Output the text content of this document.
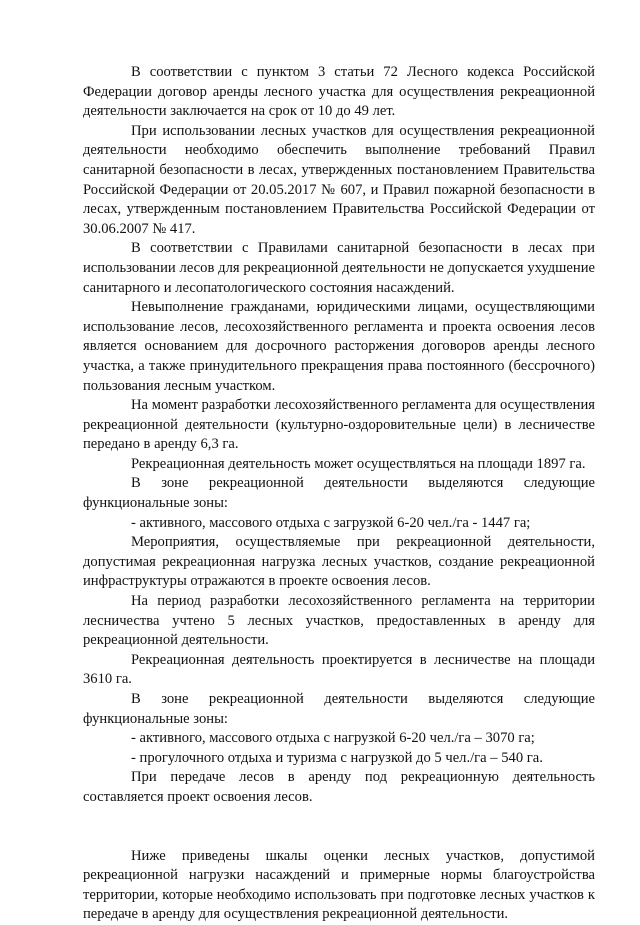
В соответствии с пунктом 3 статьи 72 Лесного кодекса Российской Федерации договор аренды лесного участка для осуществления рекреационной деятельности заключается на срок от 10 до 49 лет.

При использовании лесных участков для осуществления рекреационной деятельности необходимо обеспечить выполнение требований Правил санитарной безопасности в лесах, утвержденных постановлением Правительства Российской Федерации от 20.05.2017 № 607, и Правил пожарной безопасности в лесах, утвержденным постановлением Правительства Российской Федерации от 30.06.2007 № 417.

В соответствии с Правилами санитарной безопасности в лесах при использовании лесов для рекреационной деятельности не допускается ухудшение санитарного и лесопатологического состояния насаждений.

Невыполнение гражданами, юридическими лицами, осуществляющими использование лесов, лесохозяйственного регламента и проекта освоения лесов является основанием для досрочного расторжения договоров аренды лесного участка, а также принудительного прекращения права постоянного (бессрочного) пользования лесным участком.

На момент разработки лесохозяйственного регламента для осуществления рекреационной деятельности (культурно-оздоровительные цели) в лесничестве передано в аренду 6,3 га.

Рекреационная деятельность может осуществляться на площади 1897 га.

В зоне рекреационной деятельности выделяются следующие функциональные зоны:

- активного, массового отдыха с загрузкой 6-20 чел./га - 1447 га;

Мероприятия, осуществляемые при рекреационной деятельности, допустимая рекреационная нагрузка лесных участков, создание рекреационной инфраструктуры отражаются в проекте освоения лесов.

На период разработки лесохозяйственного регламента на территории лесничества учтено 5 лесных участков, предоставленных в аренду для рекреационной деятельности.

Рекреационная деятельность проектируется в лесничестве на площади 3610 га.

В зоне рекреационной деятельности выделяются следующие функциональные зоны:

- активного, массового отдыха с нагрузкой 6-20 чел./га – 3070 га;

- прогулочного отдыха и туризма с нагрузкой до 5 чел./га – 540 га.

При передаче лесов в аренду под рекреационную деятельность составляется проект освоения лесов.

Ниже приведены шкалы оценки лесных участков, допустимой рекреационной нагрузки насаждений и примерные нормы благоустройства территории, которые необходимо использовать при подготовке лесных участков к передаче в аренду для осуществления рекреационной деятельности.
